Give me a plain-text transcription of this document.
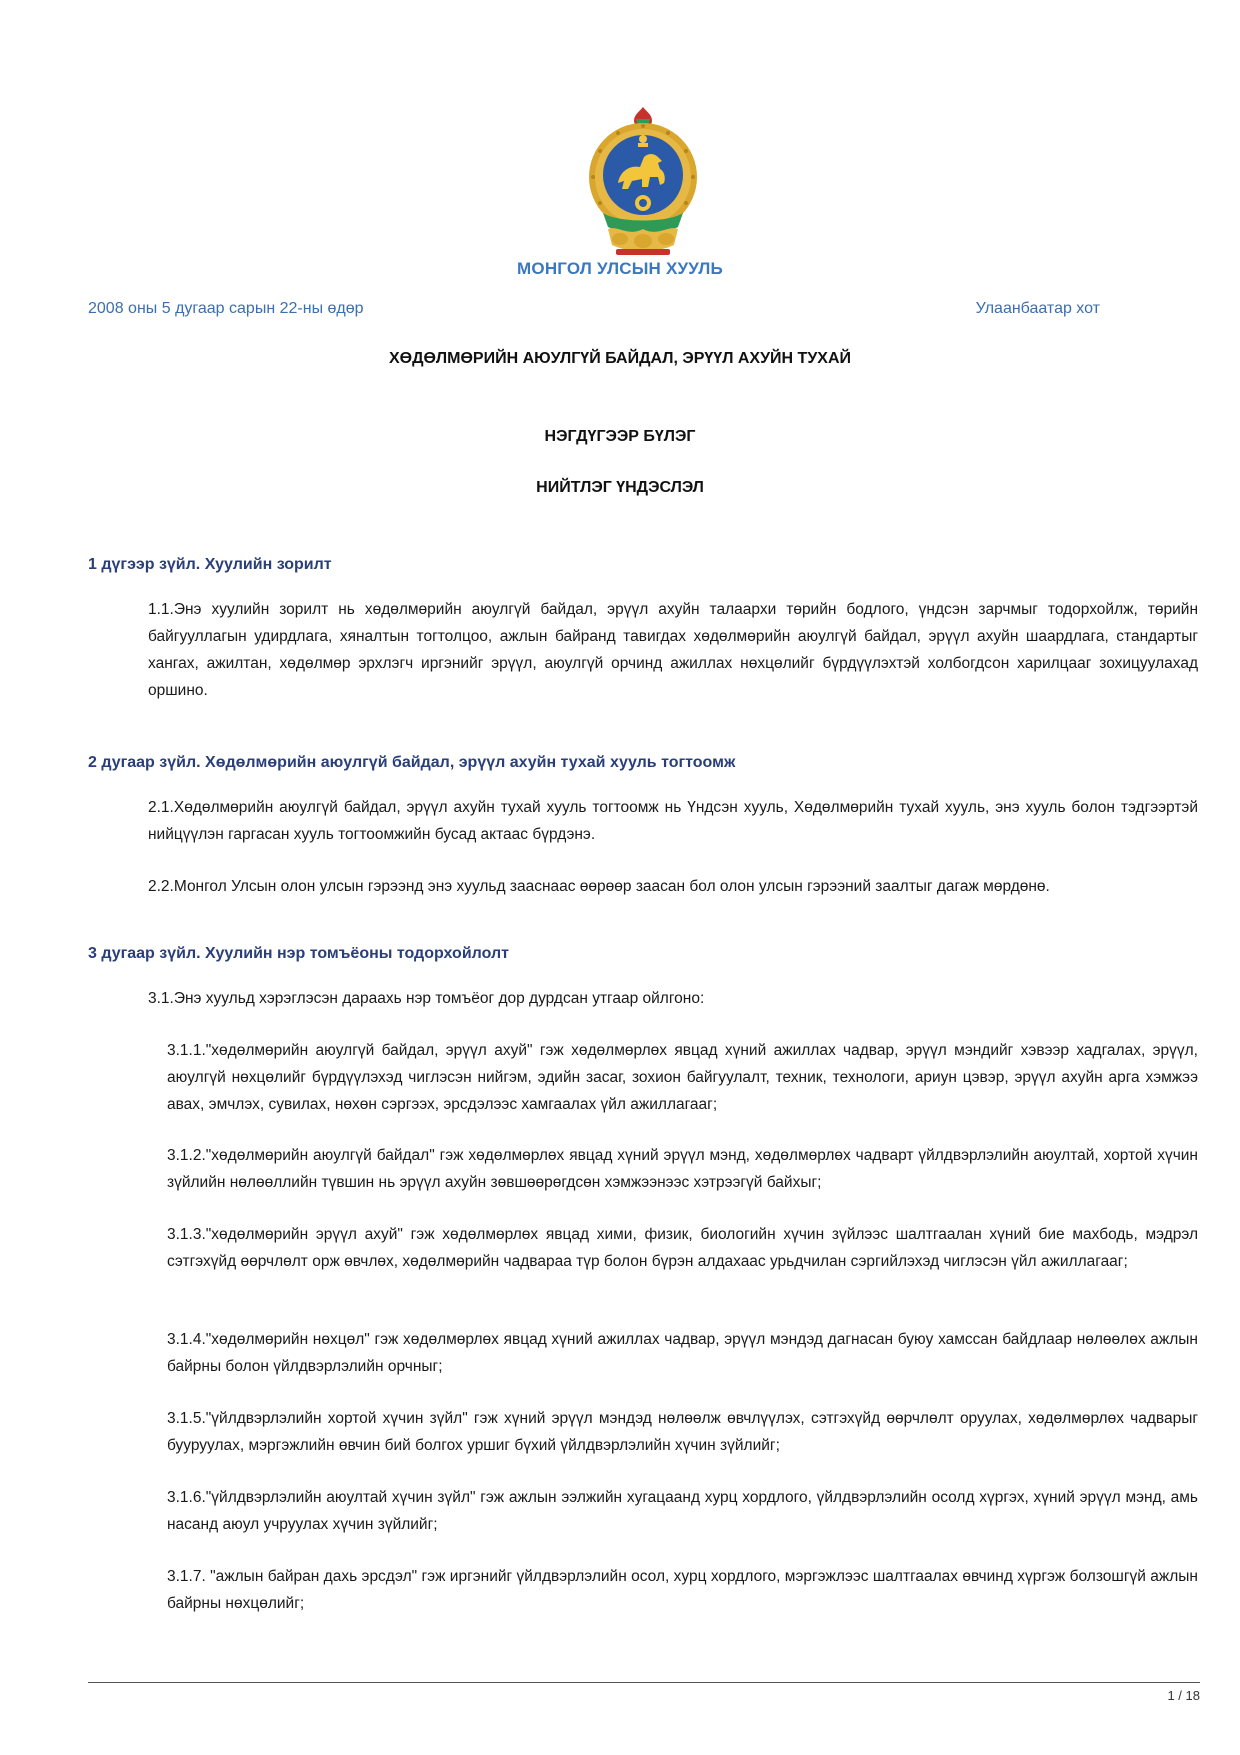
МОНГОЛ УЛСЫН ХУУЛЬ
2008 оны 5 дугаар сарын 22-ны өдөр	Улаанбаатар хот
ХӨДӨЛМӨРИЙН АЮУЛГҮЙ БАЙДАЛ, ЭРҮҮЛ АХУЙН ТУХАЙ
НЭГДҮГЭЭР БҮЛЭГ
НИЙТЛЭГ ҮНДЭСЛЭЛ
1 дүгээр зүйл. Хуулийн зорилт
1.1.Энэ хуулийн зорилт нь хөдөлмөрийн аюулгүй байдал, эрүүл ахуйн талаархи төрийн бодлого, үндсэн зарчмыг тодорхойлж, төрийн байгууллагын удирдлага, хяналтын тогтолцоо, ажлын байранд тавигдах хөдөлмөрийн аюулгүй байдал, эрүүл ахуйн шаардлага, стандартыг хангах, ажилтан, хөдөлмөр эрхлэгч иргэнийг эрүүл, аюулгүй орчинд ажиллах нөхцөлийг бүрдүүлэхтэй холбогдсон харилцааг зохицуулахад оршино.
2 дугаар зүйл. Хөдөлмөрийн аюулгүй байдал, эрүүл ахуйн тухай хууль тогтоомж
2.1.Хөдөлмөрийн аюулгүй байдал, эрүүл ахуйн тухай хууль тогтоомж нь Үндсэн хууль, Хөдөлмөрийн тухай хууль, энэ хууль болон тэдгээртэй нийцүүлэн гаргасан хууль тогтоомжийн бусад актаас бүрдэнэ.
2.2.Монгол Улсын олон улсын гэрээнд энэ хуульд зааснаас өөрөөр заасан бол олон улсын гэрээний заалтыг дагаж мөрдөнө.
3 дугаар зүйл. Хуулийн нэр томъёоны тодорхойлолт
3.1.Энэ хуульд хэрэглэсэн дараахь нэр томъёог дор дурдсан утгаар ойлгоно:
3.1.1."хөдөлмөрийн аюулгүй байдал, эрүүл ахуй" гэж хөдөлмөрлөх явцад хүний ажиллах чадвар, эрүүл мэндийг хэвээр хадгалах, эрүүл, аюулгүй нөхцөлийг бүрдүүлэхэд чиглэсэн нийгэм, эдийн засаг, зохион байгуулалт, техник, технологи, ариун цэвэр, эрүүл ахуйн арга хэмжээ авах, эмчлэх, сувилах, нөхөн сэргээх, эрсдэлээс хамгаалах үйл ажиллагааг;
3.1.2."хөдөлмөрийн аюулгүй байдал" гэж хөдөлмөрлөх явцад хүний эрүүл мэнд, хөдөлмөрлөх чадварт үйлдвэрлэлийн аюултай, хортой хүчин зүйлийн нөлөөллийн түвшин нь эрүүл ахуйн зөвшөөрөгдсөн хэмжээнээс хэтрээгүй байхыг;
3.1.3."хөдөлмөрийн эрүүл ахуй" гэж хөдөлмөрлөх явцад хими, физик, биологийн хүчин зүйлээс шалтгаалан хүний бие махбодь, мэдрэл сэтгэхүйд өөрчлөлт орж өвчлөх, хөдөлмөрийн чадвараа түр болон бүрэн алдахаас урьдчилан сэргийлэхэд чиглэсэн үйл ажиллагааг;
3.1.4."хөдөлмөрийн нөхцөл" гэж хөдөлмөрлөх явцад хүний ажиллах чадвар, эрүүл мэндэд дагнасан буюу хамссан байдлаар нөлөөлөх ажлын байрны болон үйлдвэрлэлийн орчныг;
3.1.5."үйлдвэрлэлийн хортой хүчин зүйл" гэж хүний эрүүл мэндэд нөлөөлж өвчлүүлэх, сэтгэхүйд өөрчлөлт оруулах, хөдөлмөрлөх чадварыг бууруулах, мэргэжлийн өвчин бий болгох уршиг бүхий үйлдвэрлэлийн хүчин зүйлийг;
3.1.6."үйлдвэрлэлийн аюултай хүчин зүйл" гэж ажлын ээлжийн хугацаанд хурц хордлого, үйлдвэрлэлийн осолд хүргэх, хүний эрүүл мэнд, амь насанд аюул учруулах хүчин зүйлийг;
3.1.7. "ажлын байран дахь эрсдэл" гэж иргэнийг үйлдвэрлэлийн осол, хурц хордлого, мэргэжлээс шалтгаалах өвчинд хүргэж болзошгүй ажлын байрны нөхцөлийг;
1 / 18
